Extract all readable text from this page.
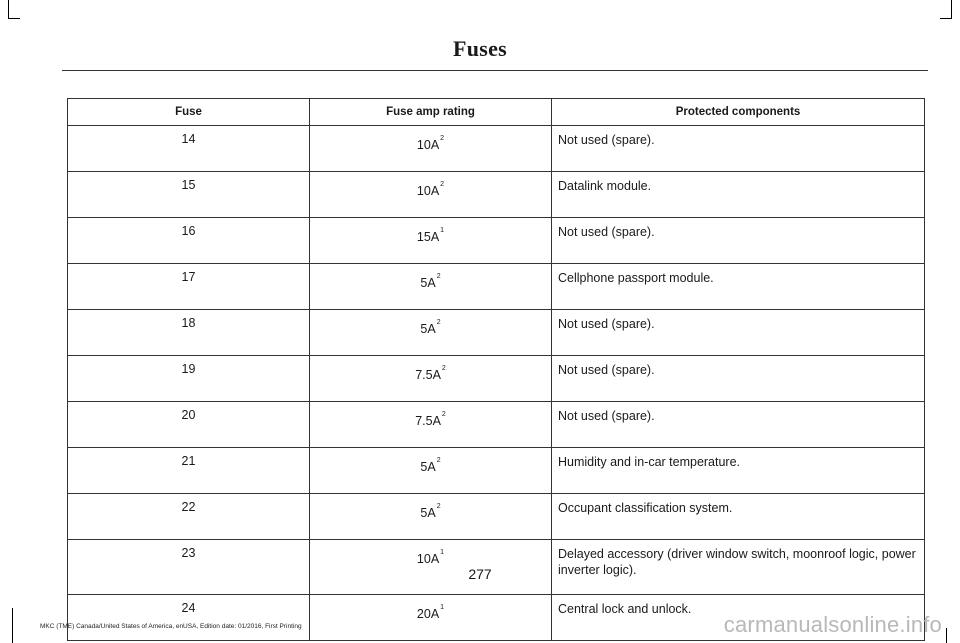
Fuses
Fuse	Fuse amp rating	Protected components
14	$10A^2$	Not used (spare).
15	$10A^2$	Datalink module.
16	$15A^1$	Not used (spare).
17	$5A^2$	Cellphone passport module.
18	$5A^2$	Not used (spare).
19	$7.5A^2$	Not used (spare).
20	$7.5A^2$	Not used (spare).
21	$5A^2$	Humidity and in-car temperature.
22	$5A^2$	Occupant classification system.
23	$10A^1$	Delayed accessory (driver window switch, moonroof logic, power inverter logic).
24	$20A^1$	Central lock and unlock.
277
MKC (TME) Canada/United States of America, enUSA, Edition date: 01/2016, First Printing	carmanualsonline.info
